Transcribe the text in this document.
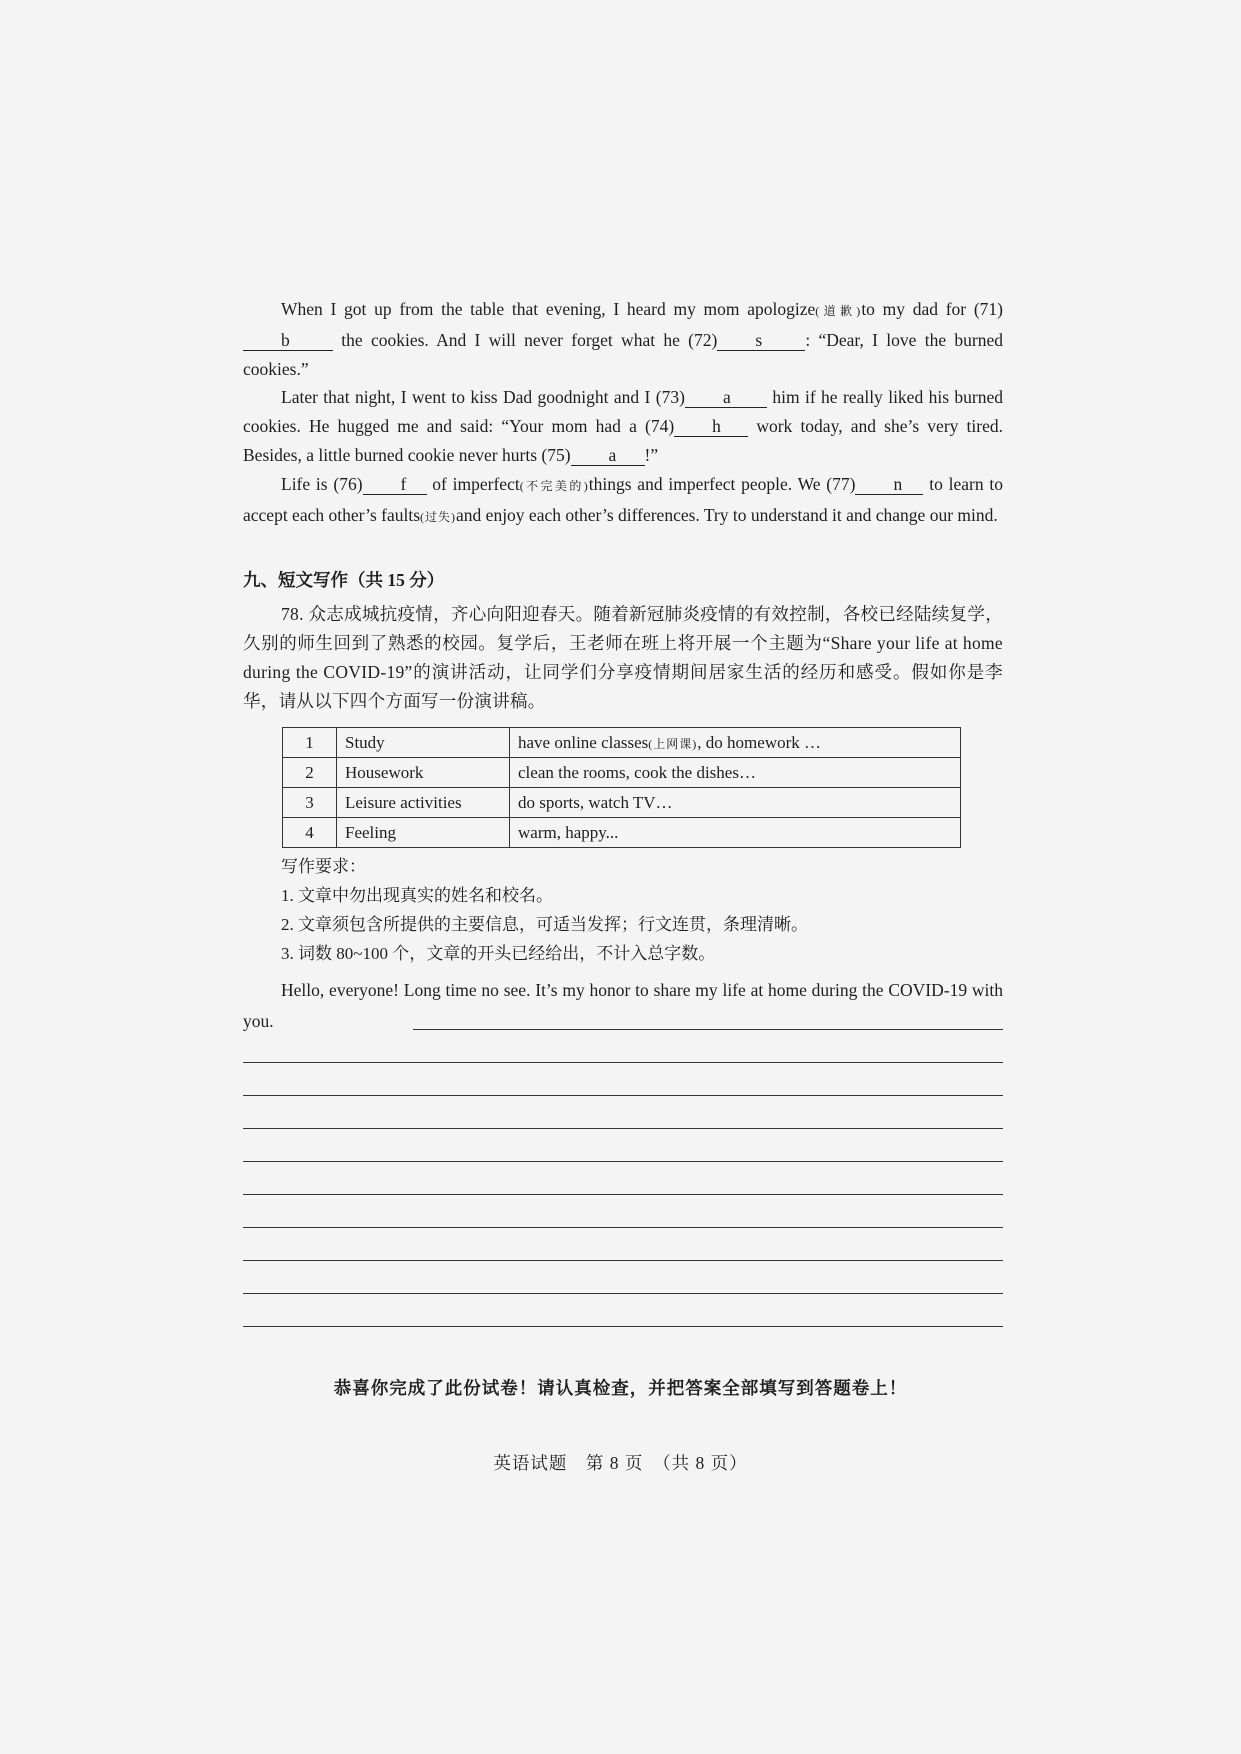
When I got up from the table that evening, I heard my mom apologize(道歉)to my dad for (71)b the cookies. And I will never forget what he (72) s : “Dear, I love the burned cookies.”
Later that night, I went to kiss Dad goodnight and I (73) a him if he really liked his burned cookies. He hugged me and said: “Your mom had a (74) h work today, and she’s very tired. Besides, a little burned cookie never hurts (75) a !”
Life is (76) f of imperfect(不完美的)things and imperfect people. We (77) n to learn to accept each other’s faults(过失)and enjoy each other’s differences. Try to understand it and change our mind.
九、短文写作（共 15 分）
78. 众志成城抗疫情，齐心向阳迎春天。随着新冠肺炎疫情的有效控制，各校已经陆续复学，久别的师生回到了熟悉的校园。复学后，王老师在班上将开展一个主题为“Share your life at home during the COVID-19”的演讲活动，让同学们分享疫情期间居家生活的经历和感受。假如你是李华，请从以下四个方面写一份演讲稿。
1	Study	have online classes(上网课), do homework …
2	Housework	clean the rooms, cook the dishes…
3	Leisure activities	do sports, watch TV…
4	Feeling	warm, happy...
写作要求：
1. 文章中勿出现真实的姓名和校名。
2. 文章须包含所提供的主要信息，可适当发挥；行文连贯，条理清晰。
3. 词数 80~100 个，文章的开头已经给出，不计入总字数。
Hello, everyone! Long time no see. It’s my honor to share my life at home during the COVID-19 with you.
恭喜你完成了此份试卷！请认真检查，并把答案全部填写到答题卷上！
英语试题　第 8 页　（共 8 页）
